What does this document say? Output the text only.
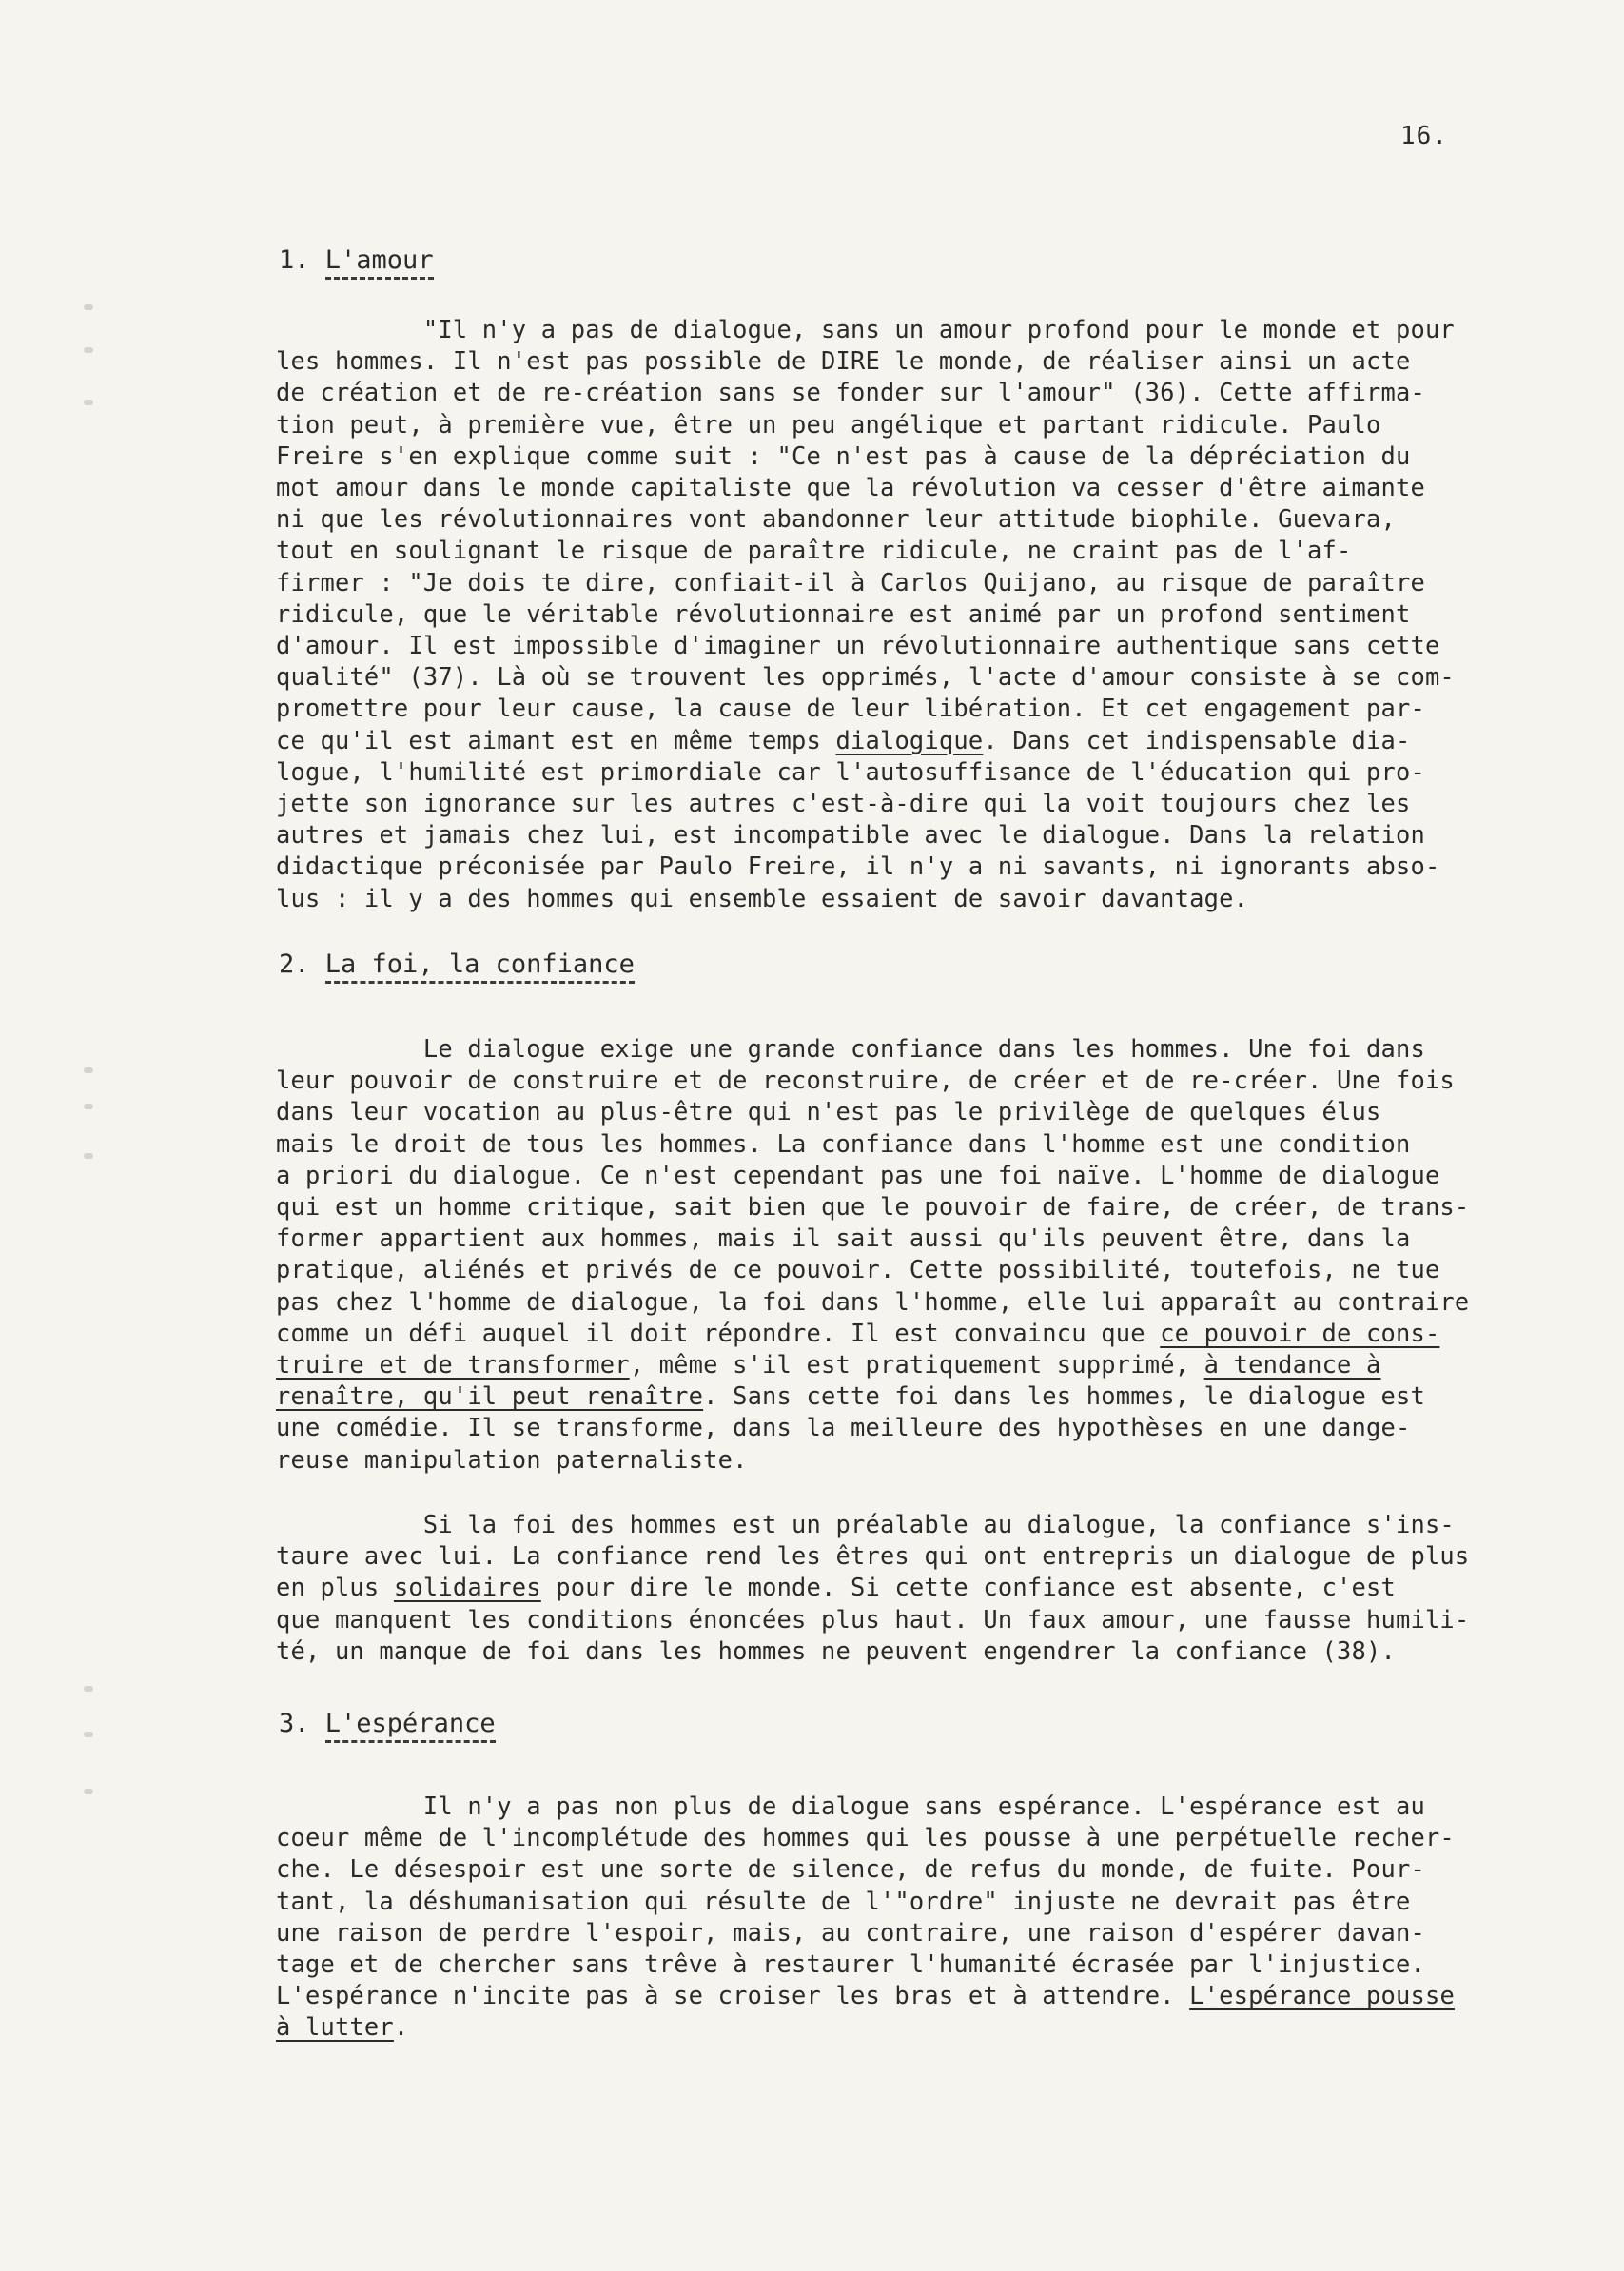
16.
1. L'amour
"Il n'y a pas de dialogue, sans un amour profond pour le monde et pour
les hommes. Il n'est pas possible de DIRE le monde, de réaliser ainsi un acte
de création et de re-création sans se fonder sur l'amour" (36). Cette affirma-
tion peut, à première vue, être un peu angélique et partant ridicule. Paulo
Freire s'en explique comme suit : "Ce n'est pas à cause de la dépréciation du
mot amour dans le monde capitaliste que la révolution va cesser d'être aimante
ni que les révolutionnaires vont abandonner leur attitude biophile. Guevara,
tout en soulignant le risque de paraître ridicule, ne craint pas de l'af-
firmer : "Je dois te dire, confiait-il à Carlos Quijano, au risque de paraître
ridicule, que le véritable révolutionnaire est animé par un profond sentiment
d'amour. Il est impossible d'imaginer un révolutionnaire authentique sans cette
qualité" (37). Là où se trouvent les opprimés, l'acte d'amour consiste à se com-
promettre pour leur cause, la cause de leur libération. Et cet engagement par-
ce qu'il est aimant est en même temps dialogique. Dans cet indispensable dia-
logue, l'humilité est primordiale car l'autosuffisance de l'éducation qui pro-
jette son ignorance sur les autres c'est-à-dire qui la voit toujours chez les
autres et jamais chez lui, est incompatible avec le dialogue. Dans la relation
didactique préconisée par Paulo Freire, il n'y a ni savants, ni ignorants abso-
lus : il y a des hommes qui ensemble essaient de savoir davantage.
2. La foi, la confiance
Le dialogue exige une grande confiance dans les hommes. Une foi dans
leur pouvoir de construire et de reconstruire, de créer et de re-créer. Une fois
dans leur vocation au plus-être qui n'est pas le privilège de quelques élus
mais le droit de tous les hommes. La confiance dans l'homme est une condition
a priori du dialogue. Ce n'est cependant pas une foi naïve. L'homme de dialogue
qui est un homme critique, sait bien que le pouvoir de faire, de créer, de trans-
former appartient aux hommes, mais il sait aussi qu'ils peuvent être, dans la
pratique, aliénés et privés de ce pouvoir. Cette possibilité, toutefois, ne tue
pas chez l'homme de dialogue, la foi dans l'homme, elle lui apparaît au contraire
comme un défi auquel il doit répondre. Il est convaincu que ce pouvoir de cons-
truire et de transformer, même s'il est pratiquement supprimé, à tendance à
renaître, qu'il peut renaître. Sans cette foi dans les hommes, le dialogue est
une comédie. Il se transforme, dans la meilleure des hypothèses en une dange-
reuse manipulation paternaliste.
Si la foi des hommes est un préalable au dialogue, la confiance s'ins-
taure avec lui. La confiance rend les êtres qui ont entrepris un dialogue de plus
en plus solidaires pour dire le monde. Si cette confiance est absente, c'est
que manquent les conditions énoncées plus haut. Un faux amour, une fausse humili-
té, un manque de foi dans les hommes ne peuvent engendrer la confiance (38).
3. L'espérance
Il n'y a pas non plus de dialogue sans espérance. L'espérance est au
coeur même de l'incomplétude des hommes qui les pousse à une perpétuelle recher-
che. Le désespoir est une sorte de silence, de refus du monde, de fuite. Pour-
tant, la déshumanisation qui résulte de l'"ordre" injuste ne devrait pas être
une raison de perdre l'espoir, mais, au contraire, une raison d'espérer davan-
tage et de chercher sans trêve à restaurer l'humanité écrasée par l'injustice.
L'espérance n'incite pas à se croiser les bras et à attendre. L'espérance pousse
à lutter.
